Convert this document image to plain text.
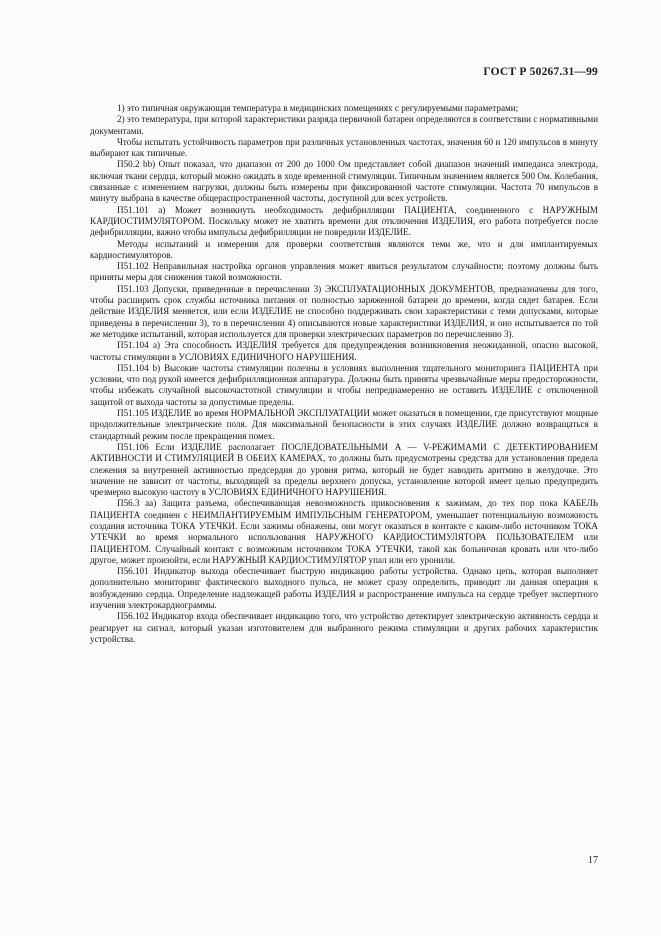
ГОСТ Р 50267.31—99

1) это типичная окружающая температура в медицинских помещениях с регулируемыми параметрами;

2) это температура, при которой характеристики разряда первичной батареи определяются в соответствии с нормативными документами.

Чтобы испытать устойчивость параметров при различных установленных частотах, значения 60 и 120 импульсов в минуту выбирают как типичные.

П50.2 bb) Опыт показал, что диапазон от 200 до 1000 Ом представляет собой диапазон значений импеданса электрода, включая ткани сердца, который можно ожидать в ходе временной стимуляции. Типичным значением является 500 Ом. Колебания, связанные с изменением нагрузки, должны быть измерены при фиксированной частоте стимуляции. Частота 70 импульсов в минуту выбрана в качестве общераспространенной частоты, доступной для всех устройств.

П51.101 а) Может возникнуть необходимость дефибрилляции ПАЦИЕНТА, соединенного с НАРУЖНЫМ КАРДИОСТИМУЛЯТОРОМ. Поскольку может не хватить времени для отключения ИЗДЕЛИЯ, его работа потребуется после дефибрилляции, важно чтобы импульсы дефибрилляции не повредили ИЗДЕЛИЕ.

Методы испытаний и измерения для проверки соответствия являются теми же, что и для имплантируемых кардиостимуляторов.

П51.102 Неправильная настройка органов управления может явиться результатом случайности; поэтому должны быть приняты меры для снижения такой возможности.

П51.103 Допуски, приведенные в перечислении 3) ЭКСПЛУАТАЦИОННЫХ ДОКУМЕНТОВ, предназначены для того, чтобы расширить срок службы источника питания от полностью заряженной батареи до времени, когда сядет батарея. Если действие ИЗДЕЛИЯ меняется, или если ИЗДЕЛИЕ не способно поддерживать свои характеристики с теми допусками, которые приведены в перечислении 3), то в перечислении 4) описываются новые характеристики ИЗДЕЛИЯ, и оно испытывается по той же методике испытаний, которая используется для проверки электрических параметров по перечислению 3).

П51.104 а) Эта способность ИЗДЕЛИЯ требуется для предупреждения возникновения неожиданной, опасно высокой, частоты стимуляции в УСЛОВИЯХ ЕДИНИЧНОГО НАРУШЕНИЯ.

П51.104 b) Высокие частоты стимуляции полезны в условиях выполнения тщательного мониторинга ПАЦИЕНТА при условии, что под рукой имеется дефибрилляционная аппаратура. Должны быть приняты чрезвычайные меры предосторожности, чтобы избежать случайной высокочастотной стимуляции и чтобы непреднамеренно не оставить ИЗДЕЛИЕ с отключенной защитой от выхода частоты за допустимые пределы.

П51.105 ИЗДЕЛИЕ во время НОРМАЛЬНОЙ ЭКСПЛУАТАЦИИ может оказаться в помещении, где присутствуют мощные продолжительные электрические поля. Для максимальной безопасности в этих случаях ИЗДЕЛИЕ должно возвращаться в стандартный режим после прекращения помех.

П51.106 Если ИЗДЕЛИЕ располагает ПОСЛЕДОВАТЕЛЬНЫМИ A — V-РЕЖИМАМИ С ДЕТЕКТИРОВАНИЕМ АКТИВНОСТИ И СТИМУЛЯЦИЕЙ В ОБЕИХ КАМЕРАХ, то должны быть предусмотрены средства для установления предела слежения за внутренней активностью предсердия до уровня ритма, который не будет наводить аритмию в желудочке. Это значение не зависит от частоты, выходящей за пределы верхнего допуска, установление которой имеет целью предупредить чрезмерно высокую частоту в УСЛОВИЯХ ЕДИНИЧНОГО НАРУШЕНИЯ.

П56.3 аа) Защита разъема, обеспечивающая невозможность прикосновения к зажимам, до тех пор пока КАБЕЛЬ ПАЦИЕНТА соединен с НЕИМЛАНТИРУЕМЫМ ИМПУЛЬСНЫМ ГЕНЕРАТОРОМ, уменьшает потенциальную возможность создания источника ТОКА УТЕЧКИ. Если зажимы обнажены, они могут оказаться в контакте с каким-либо источником ТОКА УТЕЧКИ во время нормального использования НАРУЖНОГО КАРДИОСТИМУЛЯТОРА ПОЛЬЗОВАТЕЛЕМ или ПАЦИЕНТОМ. Случайный контакт с возможным источником ТОКА УТЕЧКИ, такой как больничная кровать или что-либо другое, может произойти, если НАРУЖНЫЙ КАРДИОСТИМУЛЯТОР упал или его уронили.

П56.101 Индикатор выхода обеспечивает быструю индикацию работы устройства. Однако цепь, которая выполняет дополнительно мониторинг фактического выходного пульса, не может сразу определить, приводит ли данная операция к возбуждению сердца. Определение надлежащей работы ИЗДЕЛИЯ и распространение импульса на сердце требует экспертного изучения электрокардиограммы.

П56.102 Индикатор входа обеспечивает индикацию того, что устройство детектирует электрическую активность сердца и реагирует на сигнал, который указан изготовителем для выбранного режима стимуляции и других рабочих характеристик устройства.

17
